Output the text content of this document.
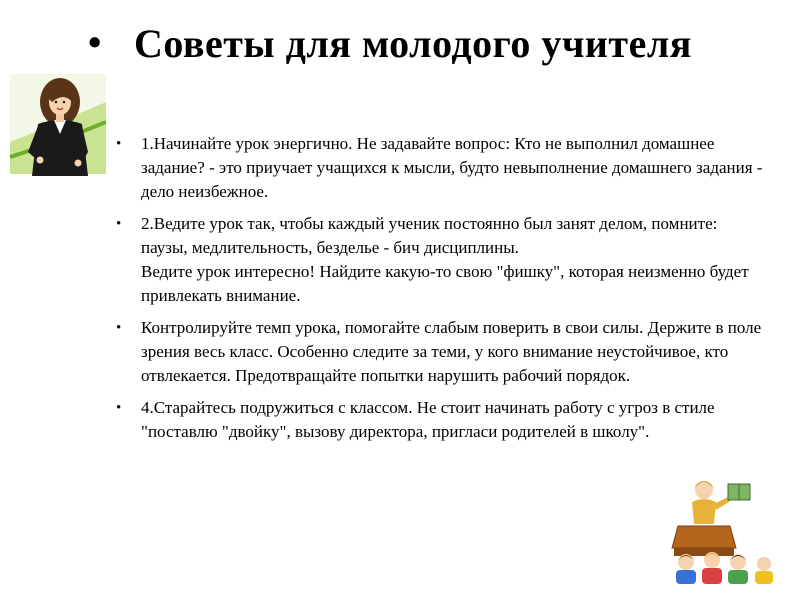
• Советы для молодого учителя
• 1.Начинайте урок энергично. Не задавайте вопрос: Кто не выполнил домашнее задание? - это приучает учащихся к мысли, будто невыполнение домашнего задания - дело неизбежное.
• 2.Ведите урок так, чтобы каждый ученик постоянно был занят делом, помните: паузы, медлительность, безделье - бич дисциплины.
Ведите урок интересно! Найдите какую-то свою "фишку", которая неизменно будет привлекать внимание.
• Контролируйте темп урока, помогайте слабым поверить в свои силы. Держите в поле зрения весь класс. Особенно следите за теми, у кого внимание неустойчивое, кто отвлекается. Предотвращайте попытки нарушить рабочий порядок.
• 4.Старайтесь подружиться с классом. Не стоит начинать работу с угроз в стиле "поставлю "двойку", вызову директора, пригласи родителей в школу".
